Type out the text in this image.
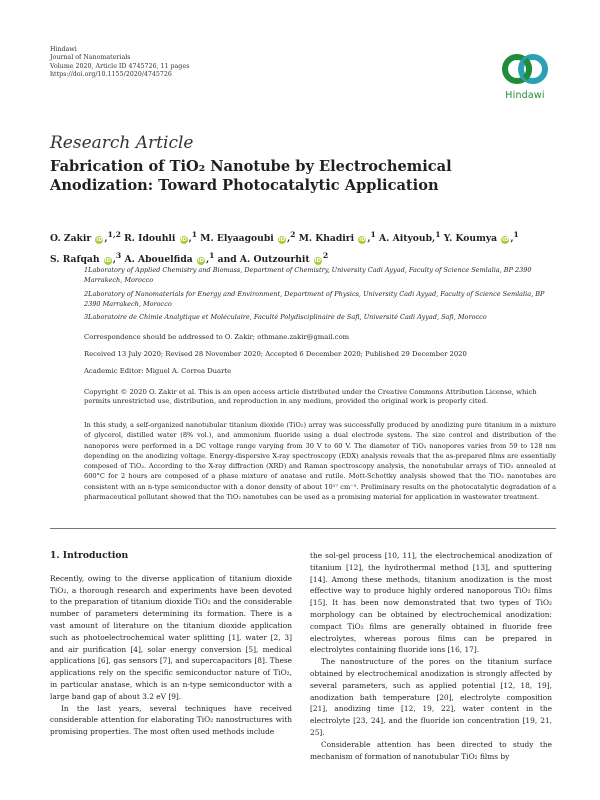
Hindawi
Journal of Nanomaterials
Volume 2020, Article ID 4745726, 11 pages
https://doi.org/10.1155/2020/4745726
Hindawi
Research Article
Fabrication of TiO₂ Nanotube by Electrochemical
Anodization: Toward Photocatalytic Application
O. Zakir iD ,$^{1,2}$ R. Idouhli iD ,$^1$ M. Elyaagoubi iD ,$^2$ M. Khadiri iD ,$^1$ A. Aityoub,$^1$ Y. Koumya iD ,$^1$
S. Rafqah iD ,$^3$ A. Abouelfida iD ,$^1$ and A. Outzourhit $iD^2$
1Laboratory of Applied Chemistry and Biomass, Department of Chemistry, University Cadi Ayyad, Faculty of Science Semlalia, BP 2390 Marrakech, Morocco
2Laboratory of Nanomaterials for Energy and Environment, Department of Physics, University Cadi Ayyad, Faculty of Science Semlalia, BP 2390 Marrakech, Morocco
3Laboratoire de Chimie Analytique et Moléculaire, Faculté Polydisciplinaire de Safi, Université Cadi Ayyad, Safi, Morocco
Correspondence should be addressed to O. Zakir; othmane.zakir@gmail.com
Received 13 July 2020; Revised 28 November 2020; Accepted 6 December 2020; Published 29 December 2020
Academic Editor: Miguel A. Correa Duarte
Copyright © 2020 O. Zakir et al. This is an open access article distributed under the Creative Commons Attribution License, which permits unrestricted use, distribution, and reproduction in any medium, provided the original work is properly cited.
In this study, a self-organized nanotubular titanium dioxide (TiO₂) array was successfully produced by anodizing pure titanium in a mixture of glycerol, distilled water (8% vol.), and ammonium fluoride using a dual electrode system. The size control and distribution of the nanopores were performed in a DC voltage range varying from 30 V to 60 V. The diameter of TiO₂ nanopores varies from 59 to 128 nm depending on the anodizing voltage. Energy-dispersive X-ray spectroscopy (EDX) analysis reveals that the as-prepared films are essentially composed of TiO₂. According to the X-ray diffraction (XRD) and Raman spectroscopy analysis, the nanotubular arrays of TiO₂ annealed at 600°C for 2 hours are composed of a phase mixture of anatase and rutile. Mott-Schottky analysis showed that the TiO₂ nanotubes are consistent with an n-type semiconductor with a donor density of about 10¹⁷ cm⁻³. Preliminary results on the photocatalytic degradation of a pharmaceutical pollutant showed that the TiO₂ nanotubes can be used as a promising material for application in wastewater treatment.
1. Introduction

Recently, owing to the diverse application of titanium dioxide TiO₂, a thorough research and experiments have been devoted to the preparation of titanium dioxide TiO₂ and the considerable number of parameters determining its formation. There is a vast amount of literature on the titanium dioxide application such as photoelectrochemical water splitting [1], water [2, 3] and air purification [4], solar energy conversion [5], medical applications [6], gas sensors [7], and supercapacitors [8]. These applications rely on the specific semiconductor nature of TiO₂, in particular anatase, which is an n-type semiconductor with a large band gap of about 3.2 eV [9].

In the last years, several techniques have received considerable attention for elaborating TiO₂ nanostructures with promising properties. The most often used methods include

the sol-gel process [10, 11], the electrochemical anodization of titanium [12], the hydrothermal method [13], and sputtering [14]. Among these methods, titanium anodization is the most effective way to produce highly ordered nanoporous TiO₂ films [15]. It has been now demonstrated that two types of TiO₂ morphology can be obtained by electrochemical anodization: compact TiO₂ films are generally obtained in fluoride free electrolytes, whereas porous films can be prepared in electrolytes containing fluoride ions [16, 17].

The nanostructure of the pores on the titanium surface obtained by electrochemical anodization is strongly affected by several parameters, such as applied potential [12, 18, 19], anodization bath temperature [20], electrolyte composition [21], anodizing time [12, 19, 22], water content in the electrolyte [23, 24], and the fluoride ion concentration [19, 21, 25].

Considerable attention has been directed to study the mechanism of formation of nanotubular TiO₂ films by
